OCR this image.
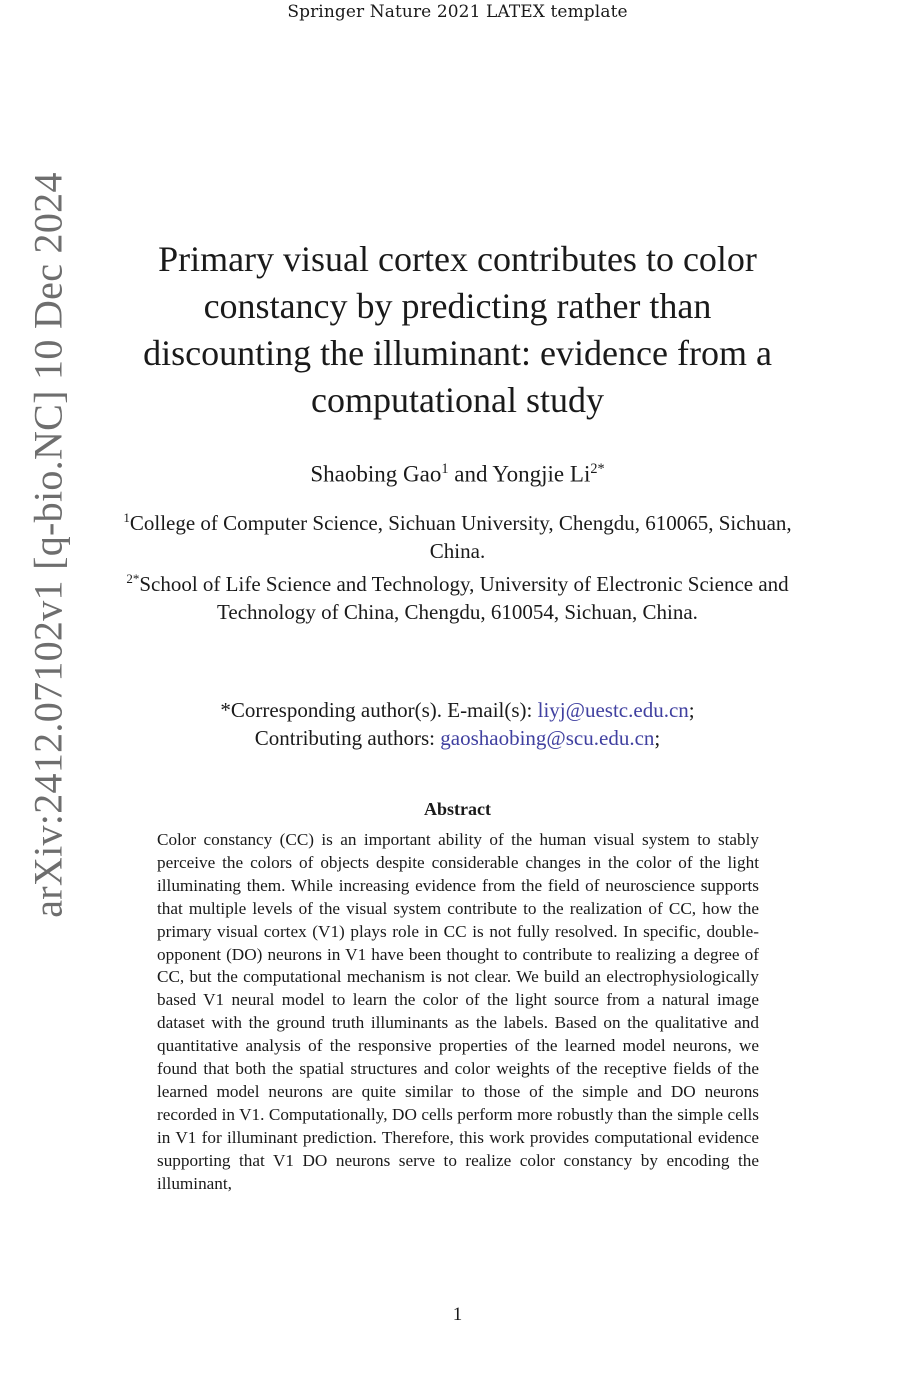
Springer Nature 2021 LATEX template
arXiv:2412.07102v1 [q-bio.NC] 10 Dec 2024	Primary visual cortex contributes to color constancy by predicting rather than discounting the illuminant: evidence from a computational study
Shaobing Gao$^1$ and Yongjie $Li^{2*}$
$^1$College of Computer Science, Sichuan University, Chengdu, 610065, Sichuan, China.
$^{2*}$School of Life Science and Technology, University of Electronic Science and Technology of China, Chengdu, 610054, Sichuan, China.
*Corresponding author(s). E-mail(s): liyj@uestc.edu.cn;
Contributing authors: gaoshaobing@scu.edu.cn;
Abstract

Color constancy (CC) is an important ability of the human visual system to stably perceive the colors of objects despite considerable changes in the color of the light illuminating them. While increasing evidence from the field of neuroscience supports that multiple levels of the visual system contribute to the realization of CC, how the primary visual cortex (V1) plays role in CC is not fully resolved. In specific, double-opponent (DO) neurons in V1 have been thought to contribute to realizing a degree of CC, but the computational mechanism is not clear. We build an electrophysiologically based V1 neural model to learn the color of the light source from a natural image dataset with the ground truth illuminants as the labels. Based on the qualitative and quantitative analysis of the responsive properties of the learned model neurons, we found that both the spatial structures and color weights of the receptive fields of the learned model neurons are quite similar to those of the simple and DO neurons recorded in V1. Computationally, DO cells perform more robustly than the simple cells in V1 for illuminant prediction. Therefore, this work provides computational evidence supporting that V1 DO neurons serve to realize color constancy by encoding the illuminant,

1
